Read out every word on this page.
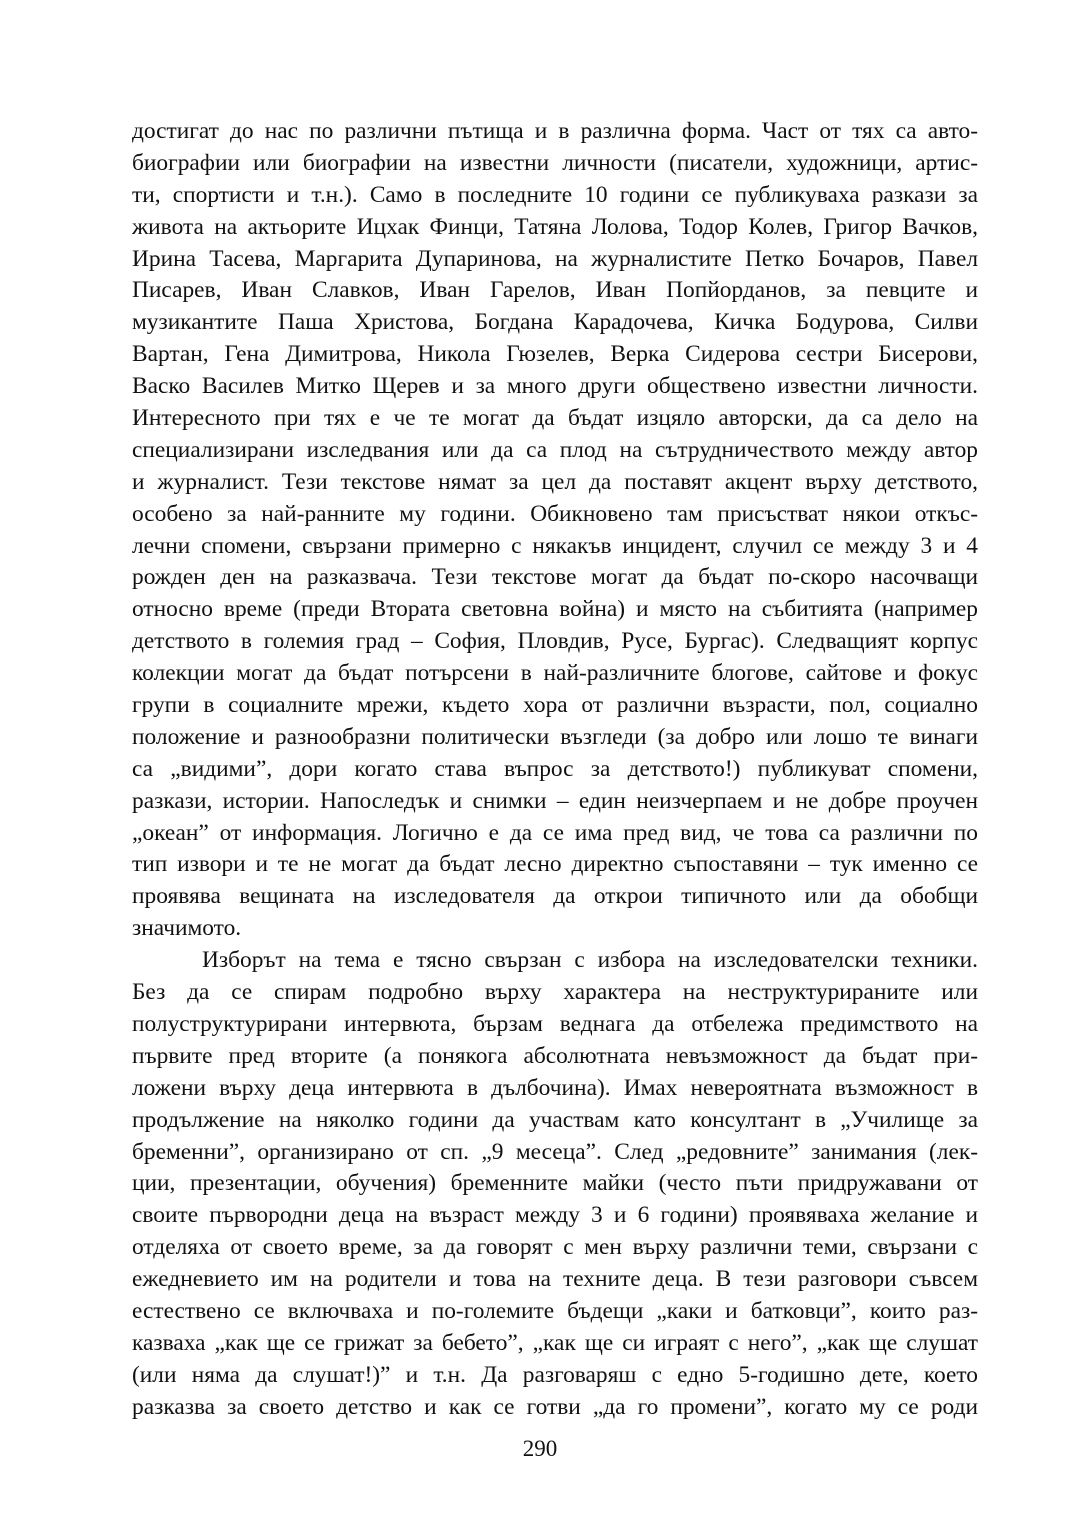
достигат до нас по различни пътища и в различна форма. Част от тях са авто-
биографии или биографии на известни личности (писатели, художници, артис-
ти, спортисти и т.н.). Само в последните 10 години се публикуваха разкази за
живота на актьорите Ицхак Финци, Татяна Лолова, Тодор Колев, Григор Вачков,
Ирина Тасева, Маргарита Дупаринова, на журналистите Петко Бочаров, Павел
Писарев, Иван Славков, Иван Гарелов, Иван Попйорданов, за певците и
музикантите Паша Христова, Богдана Карадочева, Кичка Бодурова, Силви
Вартан, Гена Димитрова, Никола Гюзелев, Верка Сидерова сестри Бисерови,
Васко Василев Митко Щерев и за много други обществено известни личности.
Интересното при тях е че те могат да бъдат изцяло авторски, да са дело на
специализирани изследвания или да са плод на сътрудничеството между автор
и журналист. Тези текстове нямат за цел да поставят акцент върху детството,
особено за най-ранните му години. Обикновено там присъстват някои откъс-
лечни спомени, свързани примерно с някакъв инцидент, случил се между 3 и 4
рожден ден на разказвача. Тези текстове могат да бъдат по-скоро насочващи
относно време (преди Втората световна война) и място на събитията (например
детството в големия град – София, Пловдив, Русе, Бургас). Следващият корпус
колекции могат да бъдат потърсени в най-различните блогове, сайтове и фокус
групи в социалните мрежи, където хора от различни възрасти, пол, социално
положение и разнообразни политически възгледи (за добро или лошо те винаги
са „видими”, дори когато става въпрос за детството!) публикуват спомени,
разкази, истории. Напоследък и снимки – един неизчерпаем и не добре проучен
„океан” от информация. Логично е да се има пред вид, че това са различни по
тип извори и те не могат да бъдат лесно директно съпоставяни – тук именно се
проявява вещината на изследователя да открои типичното или да обобщи
значимото.
Изборът на тема е тясно свързан с избора на изследователски техники.
Без да се спирам подробно върху характера на неструктурираните или
полуструктурирани интервюта, бързам веднага да отбележа предимството на
първите пред вторите (а понякога абсолютната невъзможност да бъдат при-
ложени върху деца интервюта в дълбочина). Имах невероятната възможност в
продължение на няколко години да участвам като консултант в „Училище за
бременни”, организирано от сп. „9 месеца”. След „редовните” занимания (лек-
ции, презентации, обучения) бременните майки (често пъти придружавани от
своите първородни деца на възраст между 3 и 6 години) проявяваха желание и
отделяха от своето време, за да говорят с мен върху различни теми, свързани с
ежедневието им на родители и това на техните деца. В тези разговори съвсем
естествено се включваха и по-големите бъдещи „каки и батковци”, които раз-
казваха „как ще се грижат за бебето”, „как ще си играят с него”, „как ще слушат
(или няма да слушат!)” и т.н. Да разговаряш с едно 5-годишно дете, което
разказва за своето детство и как се готви „да го промени”, когато му се роди
290
